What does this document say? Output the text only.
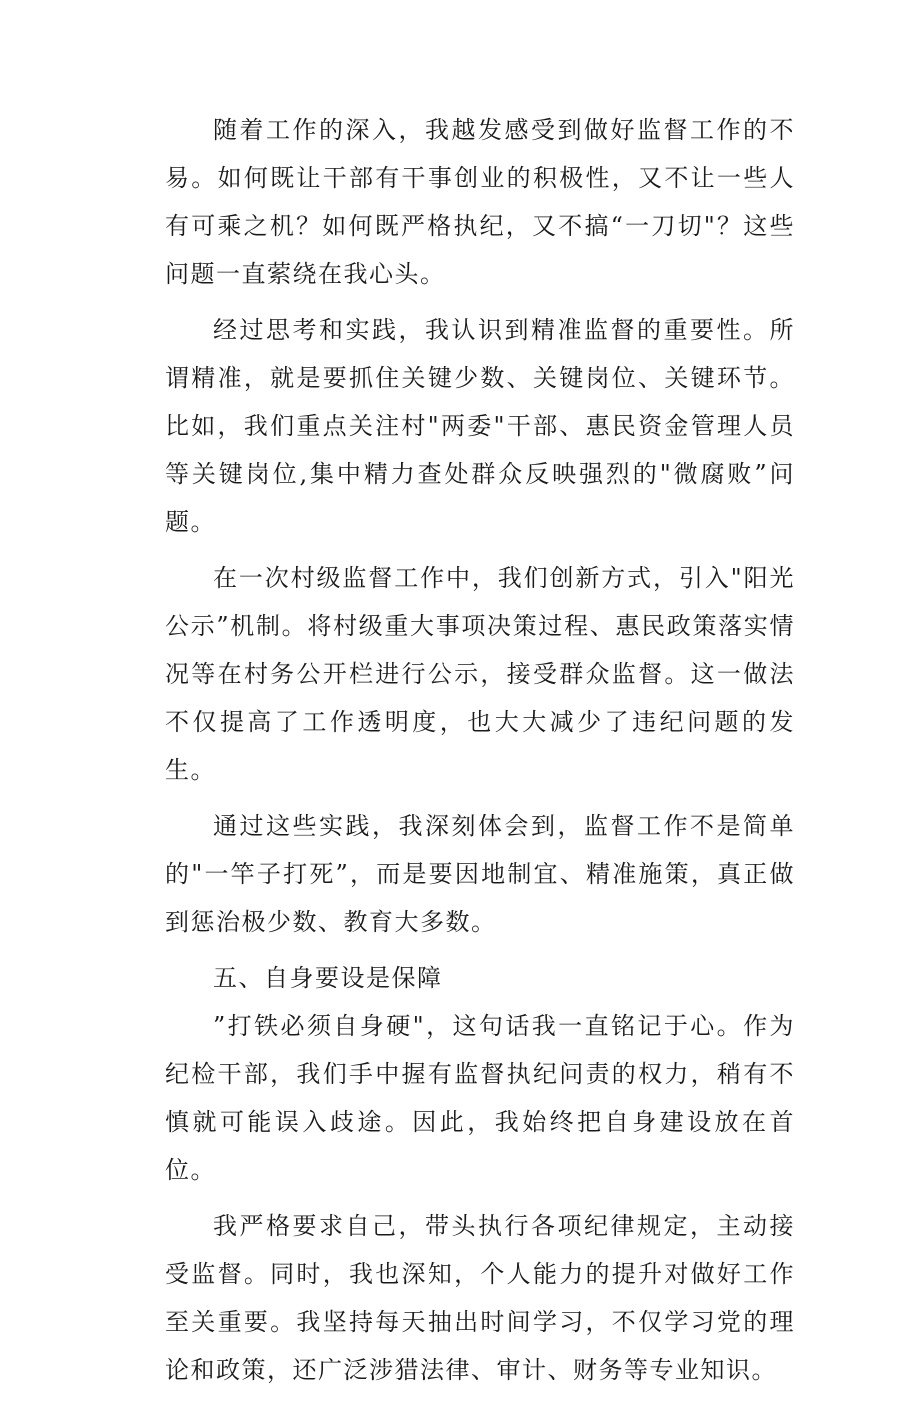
随着工作的深入，我越发感受到做好监督工作的不易。如何既让干部有干事创业的积极性，又不让一些人有可乘之机？如何既严格执纪，又不搞“一刀切"？这些问题一直萦绕在我心头。

经过思考和实践，我认识到精准监督的重要性。所谓精准，就是要抓住关键少数、关键岗位、关键环节。比如，我们重点关注村"两委"干部、惠民资金管理人员等关键岗位,集中精力查处群众反映强烈的"微腐败”问题。

在一次村级监督工作中，我们创新方式，引入"阳光公示”机制。将村级重大事项决策过程、惠民政策落实情况等在村务公开栏进行公示，接受群众监督。这一做法不仅提高了工作透明度，也大大减少了违纪问题的发生。

通过这些实践，我深刻体会到，监督工作不是简单的"一竿子打死”，而是要因地制宜、精准施策，真正做到惩治极少数、教育大多数。

五、自身要设是保障

”打铁必须自身硬"，这句话我一直铭记于心。作为纪检干部，我们手中握有监督执纪问责的权力，稍有不慎就可能误入歧途。因此，我始终把自身建设放在首位。

我严格要求自己，带头执行各项纪律规定，主动接受监督。同时，我也深知，个人能力的提升对做好工作至关重要。我坚持每天抽出时间学习，不仅学习党的理论和政策，还广泛涉猎法律、审计、财务等专业知识。
